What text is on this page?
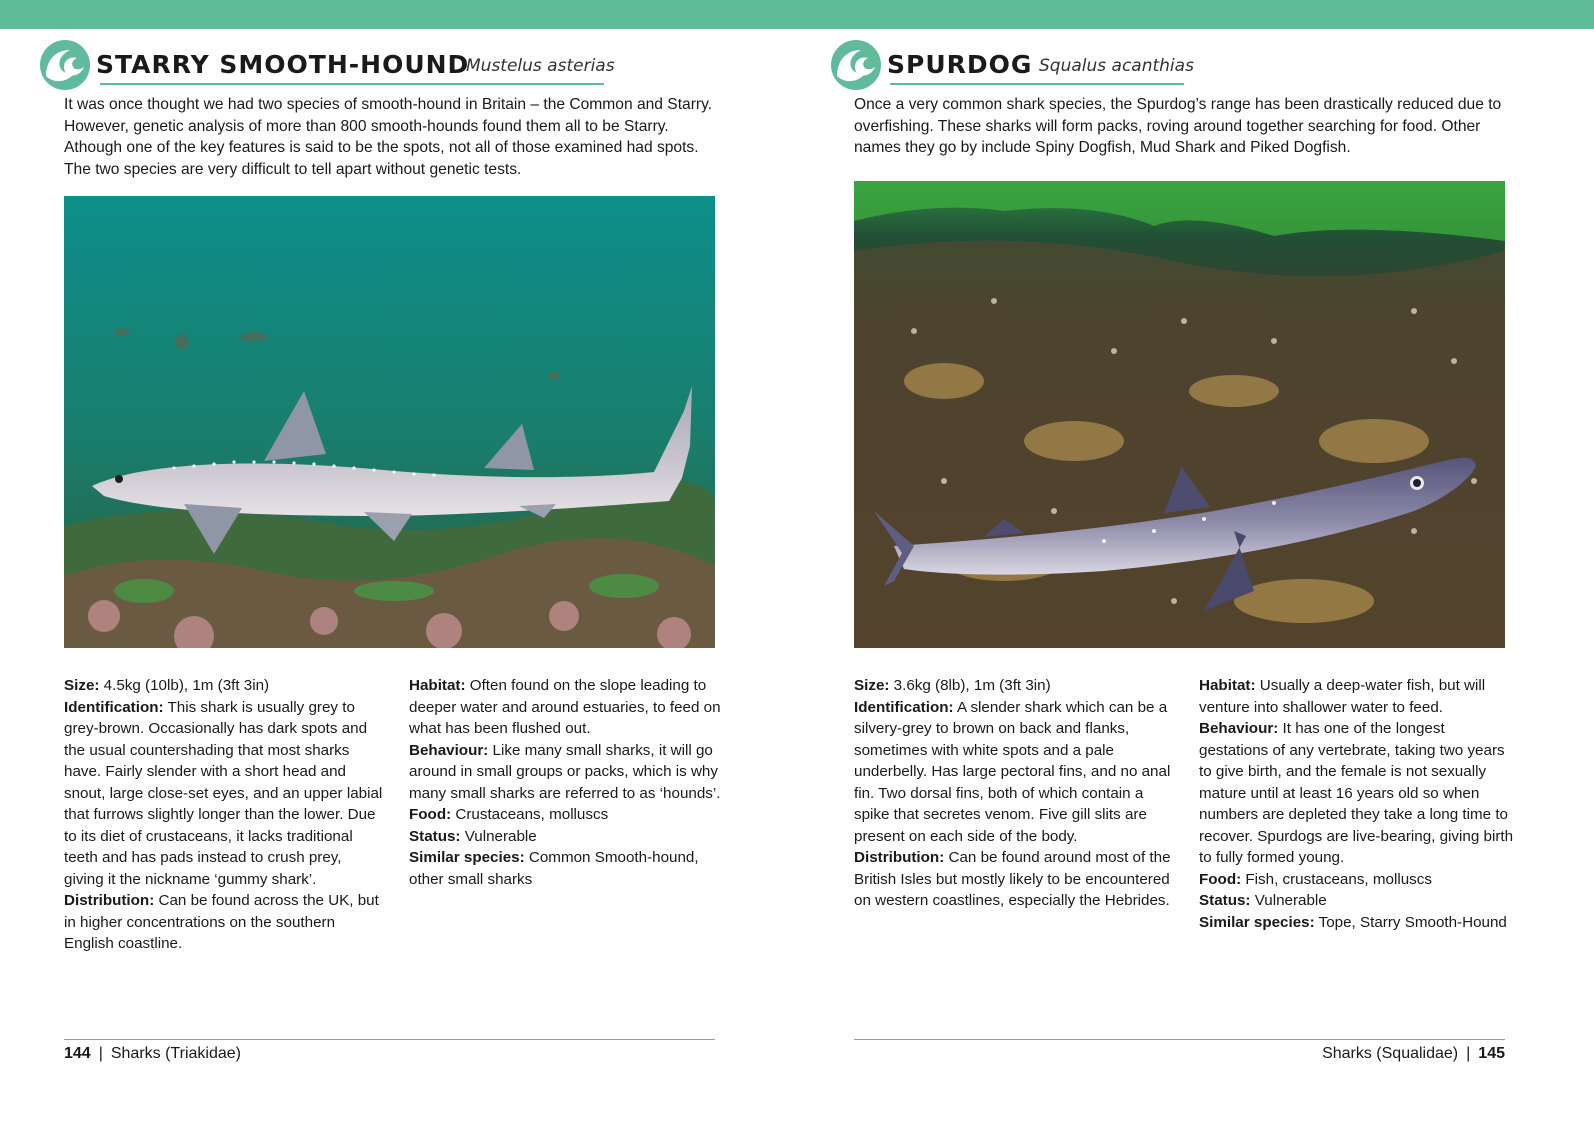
STARRY SMOOTH-HOUND
Mustelus asterias
It was once thought we had two species of smooth-hound in Britain – the Common and Starry. However, genetic analysis of more than 800 smooth-hounds found them all to be Starry. Athough one of the key features is said to be the spots, not all of those examined had spots. The two species are very difficult to tell apart without genetic tests.

Size: 4.5kg (10lb), 1m (3ft 3in)

Identification: This shark is usually grey to grey-brown. Occasionally has dark spots and the usual countershading that most sharks have. Fairly slender with a short head and snout, large close-set eyes, and an upper labial that furrows slightly longer than the lower. Due to its diet of crustaceans, it lacks traditional teeth and has pads instead to crush prey, giving it the nickname ‘gummy shark’.

Distribution: Can be found across the UK, but in higher concentrations on the southern English coastline.

Habitat: Often found on the slope leading to deeper water and around estuaries, to feed on what has been flushed out.

Behaviour: Like many small sharks, it will go around in small groups or packs, which is why many small sharks are referred to as ‘hounds’.

Food: Crustaceans, molluscs

Status: Vulnerable

Similar species: Common Smooth-hound, other small sharks

144 | Sharks (Triakidae)
SPURDOG Squalus acanthias
Once a very common shark species, the Spurdog’s range has been drastically reduced due to overfishing. These sharks will form packs, roving around together searching for food. Other names they go by include Spiny Dogfish, Mud Shark and Piked Dogfish.

Size: 3.6kg (8lb), 1m (3ft 3in)

Identification: A slender shark which can be a silvery-grey to brown on back and flanks, sometimes with white spots and a pale underbelly. Has large pectoral fins, and no anal fin. Two dorsal fins, both of which contain a spike that secretes venom. Five gill slits are present on each side of the body.

Distribution: Can be found around most of the British Isles but mostly likely to be encountered on western coastlines, especially the Hebrides.

Habitat: Usually a deep-water fish, but will venture into shallower water to feed.

Behaviour: It has one of the longest gestations of any vertebrate, taking two years to give birth, and the female is not sexually mature until at least 16 years old so when numbers are depleted they take a long time to recover. Spurdogs are live-bearing, giving birth to fully formed young.

Food: Fish, crustaceans, molluscs

Status: Vulnerable

Similar species: Tope, Starry Smooth-Hound

Sharks (Squalidae) | 145
